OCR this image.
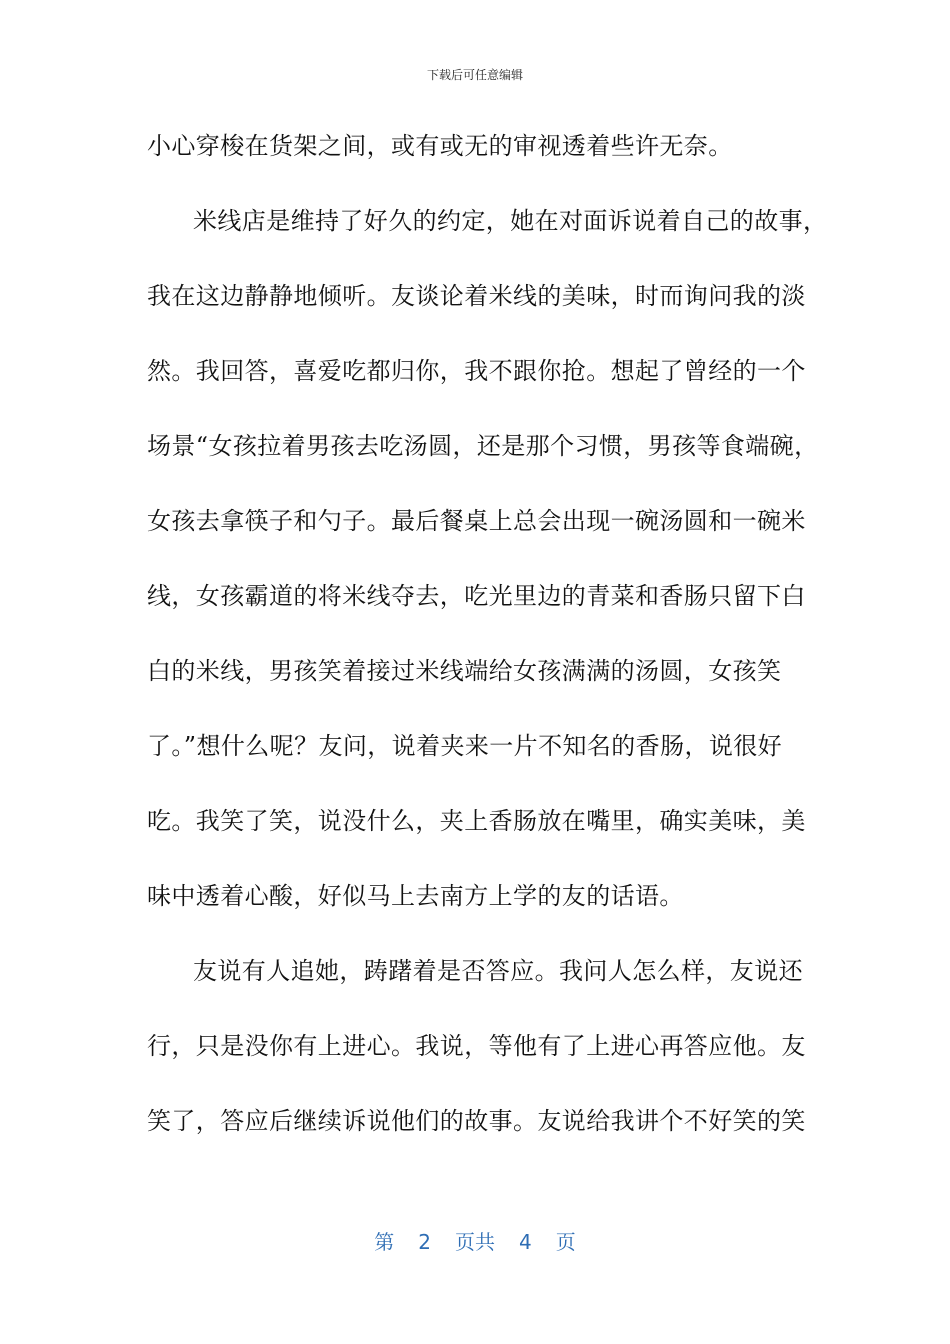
下载后可任意编辑
小心穿梭在货架之间，或有或无的审视透着些许无奈。
米线店是维持了好久的约定，她在对面诉说着自己的故事，
我在这边静静地倾听。友谈论着米线的美味，时而询问我的淡
然。我回答，喜爱吃都归你，我不跟你抢。想起了曾经的一个
场景“女孩拉着男孩去吃汤圆，还是那个习惯，男孩等食端碗，
女孩去拿筷子和勺子。最后餐桌上总会出现一碗汤圆和一碗米
线，女孩霸道的将米线夺去，吃光里边的青菜和香肠只留下白
白的米线，男孩笑着接过米线端给女孩满满的汤圆，女孩笑
了。”想什么呢？友问，说着夹来一片不知名的香肠，说很好
吃。我笑了笑，说没什么，夹上香肠放在嘴里，确实美味，美
味中透着心酸，好似马上去南方上学的友的话语。
友说有人追她，踌躇着是否答应。我问人怎么样，友说还
行，只是没你有上进心。我说，等他有了上进心再答应他。友
笑了，答应后继续诉说他们的故事。友说给我讲个不好笑的笑
第 2 页共 4 页
